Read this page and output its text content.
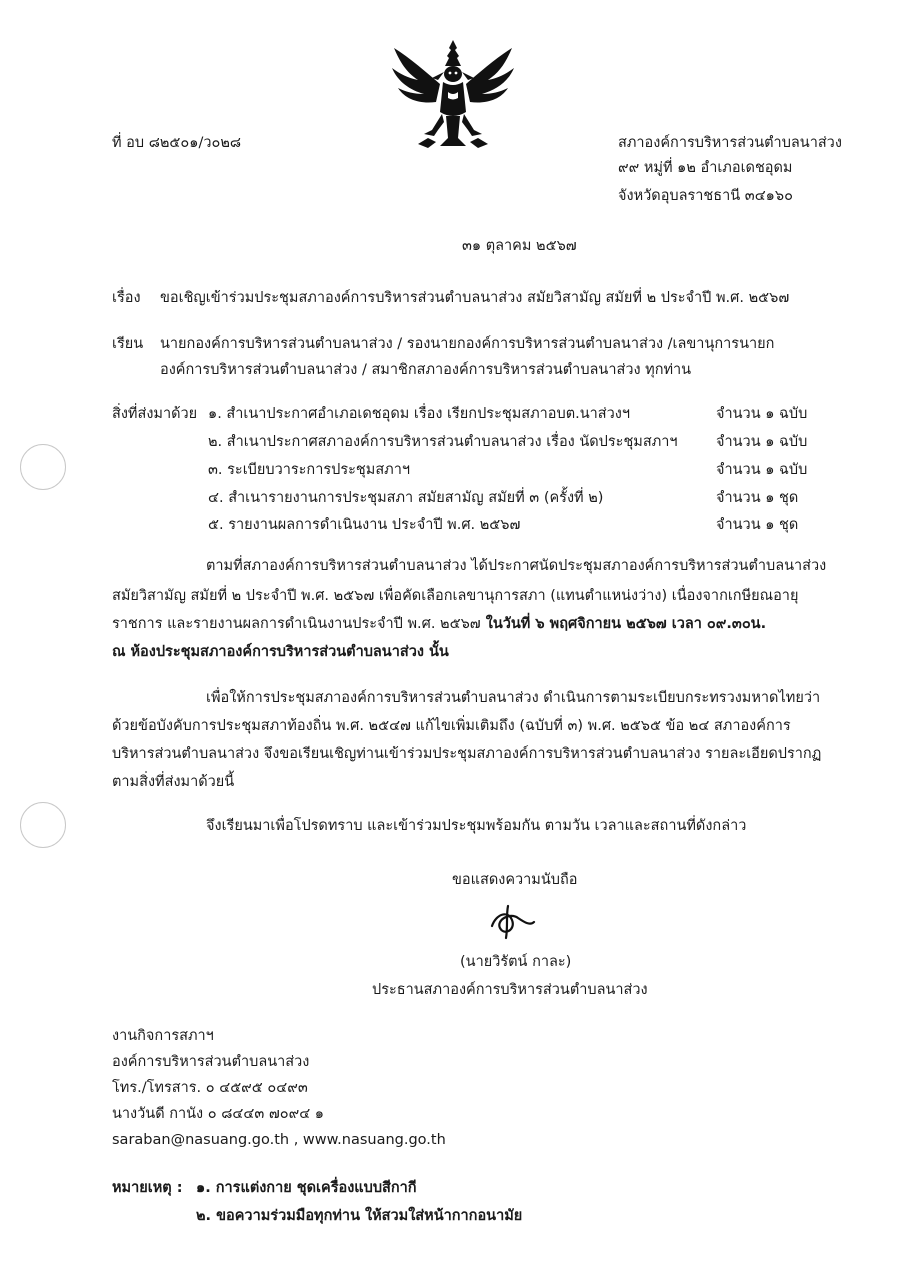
ที่ อบ ๘๒๕๐๑/ว๐๒๘	สภาองค์การบริหารส่วนตำบลนาส่วง
๙๙ หมู่ที่ ๑๒ อำเภอเดชอุดม
จังหวัดอุบลราชธานี ๓๔๑๖๐
๓๑ ตุลาคม ๒๕๖๗
เรื่อง ขอเชิญเข้าร่วมประชุมสภาองค์การบริหารส่วนตำบลนาส่วง สมัยวิสามัญ สมัยที่ ๒ ประจำปี พ.ศ. ๒๕๖๗
เรียน นายกองค์การบริหารส่วนตำบลนาส่วง / รองนายกองค์การบริหารส่วนตำบลนาส่วง /เลขานุการนายก
องค์การบริหารส่วนตำบลนาส่วง / สมาชิกสภาองค์การบริหารส่วนตำบลนาส่วง ทุกท่าน
สิ่งที่ส่งมาด้วย ๑. สำเนาประกาศอำเภอเดชอุดม เรื่อง เรียกประชุมสภาอบต.นาส่วงฯ	จำนวน ๑ ฉบับ
๒. สำเนาประกาศสภาองค์การบริหารส่วนตำบลนาส่วง เรื่อง นัดประชุมสภาฯ	จำนวน ๑ ฉบับ
๓. ระเบียบวาระการประชุมสภาฯ	จำนวน ๑ ฉบับ
๔. สำเนารายงานการประชุมสภา สมัยสามัญ สมัยที่ ๓ (ครั้งที่ ๒)	จำนวน ๑ ชุด
๕. รายงานผลการดำเนินงาน ประจำปี พ.ศ. ๒๕๖๗	จำนวน ๑ ชุด
ตามที่สภาองค์การบริหารส่วนตำบลนาส่วง ได้ประกาศนัดประชุมสภาองค์การบริหารส่วนตำบลนาส่วง
สมัยวิสามัญ สมัยที่ ๒ ประจำปี พ.ศ. ๒๕๖๗ เพื่อคัดเลือกเลขานุการสภา (แทนตำแหน่งว่าง) เนื่องจากเกษียณอายุ
ราชการ และรายงานผลการดำเนินงานประจำปี พ.ศ. ๒๕๖๗ ในวันที่ ๖ พฤศจิกายน ๒๕๖๗ เวลา ๐๙.๓๐น.
ณ ห้องประชุมสภาองค์การบริหารส่วนตำบลนาส่วง นั้น
เพื่อให้การประชุมสภาองค์การบริหารส่วนตำบลนาส่วง ดำเนินการตามระเบียบกระทรวงมหาดไทยว่า
ด้วยข้อบังคับการประชุมสภาท้องถิ่น พ.ศ. ๒๕๔๗ แก้ไขเพิ่มเติมถึง (ฉบับที่ ๓) พ.ศ. ๒๕๖๕ ข้อ ๒๔ สภาองค์การ
บริหารส่วนตำบลนาส่วง จึงขอเรียนเชิญท่านเข้าร่วมประชุมสภาองค์การบริหารส่วนตำบลนาส่วง รายละเอียดปรากฏ
ตามสิ่งที่ส่งมาด้วยนี้
จึงเรียนมาเพื่อโปรดทราบ และเข้าร่วมประชุมพร้อมกัน ตามวัน เวลาและสถานที่ดังกล่าว
ขอแสดงความนับถือ
(นายวิรัตน์ กาละ)
ประธานสภาองค์การบริหารส่วนตำบลนาส่วง
งานกิจการสภาฯ
องค์การบริหารส่วนตำบลนาส่วง
โทร./โทรสาร. ๐ ๔๕๙๕ ๐๔๙๓
นางวันดี กานัง ๐ ๘๔๔๓ ๗๐๙๔ ๑
saraban@nasuang.go.th , www.nasuang.go.th
หมายเหตุ : ๑. การแต่งกาย ชุดเครื่องแบบสีกากี
๒. ขอความร่วมมือทุกท่าน ให้สวมใส่หน้ากากอนามัย
